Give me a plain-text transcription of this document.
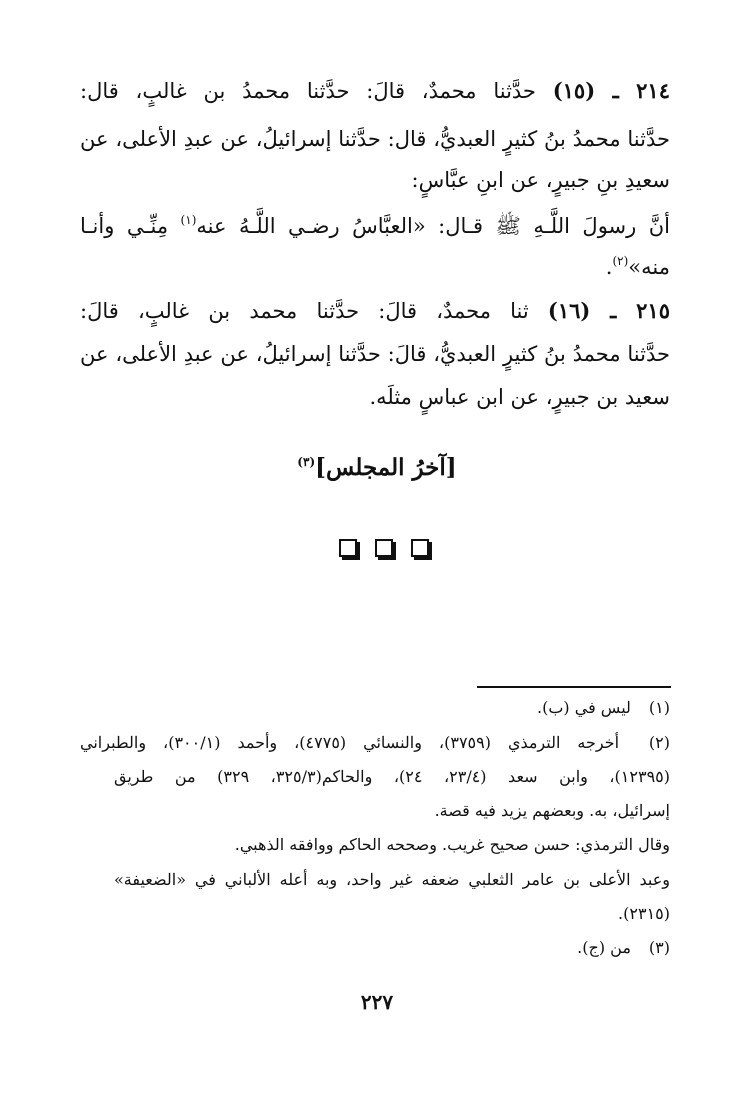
٢١٤ ـ (١٥) حدَّثنا محمدٌ، قالَ: حدَّثنا محمدُ بن غالبٍ، قال:
حدَّثنا محمدُ بنُ كثيرٍ العبديُّ، قال: حدَّثنا إسرائيلُ، عن عبدِ الأعلى، عن
سعيدِ بنِ جبيرٍ، عن ابنِ عبَّاسٍ:
أنَّ رسولَ اللَّـهِ ﷺ قـال: «العبَّاسُ رضـي اللَّـهُ عنه$^{(١)}$ مِنِّـي وأنـا
منه»$^{(٢)}$.
٢١٥ ـ (١٦) ثنا محمدٌ، قالَ: حدَّثنا محمد بن غالبٍ، قالَ:
حدَّثنا محمدُ بنُ كثيرٍ العبديُّ، قالَ: حدَّثنا إسرائيلُ، عن عبدِ الأعلى، عن
سعيد بن جبيرٍ، عن ابن عباسٍ مثلَه.
[آخرُ المجلس]$^{(٣)}$
(١) ليس في (ب).
(٢) أخرجه الترمذي (٣٧٥٩)، والنسائي (٤٧٧٥)، وأحمد (٣٠٠/١)، والطبراني
(١٢٣٩٥)، وابن سعد (٢٣/٤، ٢٤)، والحاكم(٣٢٥/٣، ٣٢٩) من طريق
إسرائيل، به. وبعضهم يزيد فيه قصة.
وقال الترمذي: حسن صحيح غريب. وصححه الحاكم ووافقه الذهبي.
وعبد الأعلى بن عامر الثعلبي ضعفه غير واحد، وبه أعله الألباني في «الضعيفة»
(٢٣١٥).
(٣) من (ج).
٢٢٧
